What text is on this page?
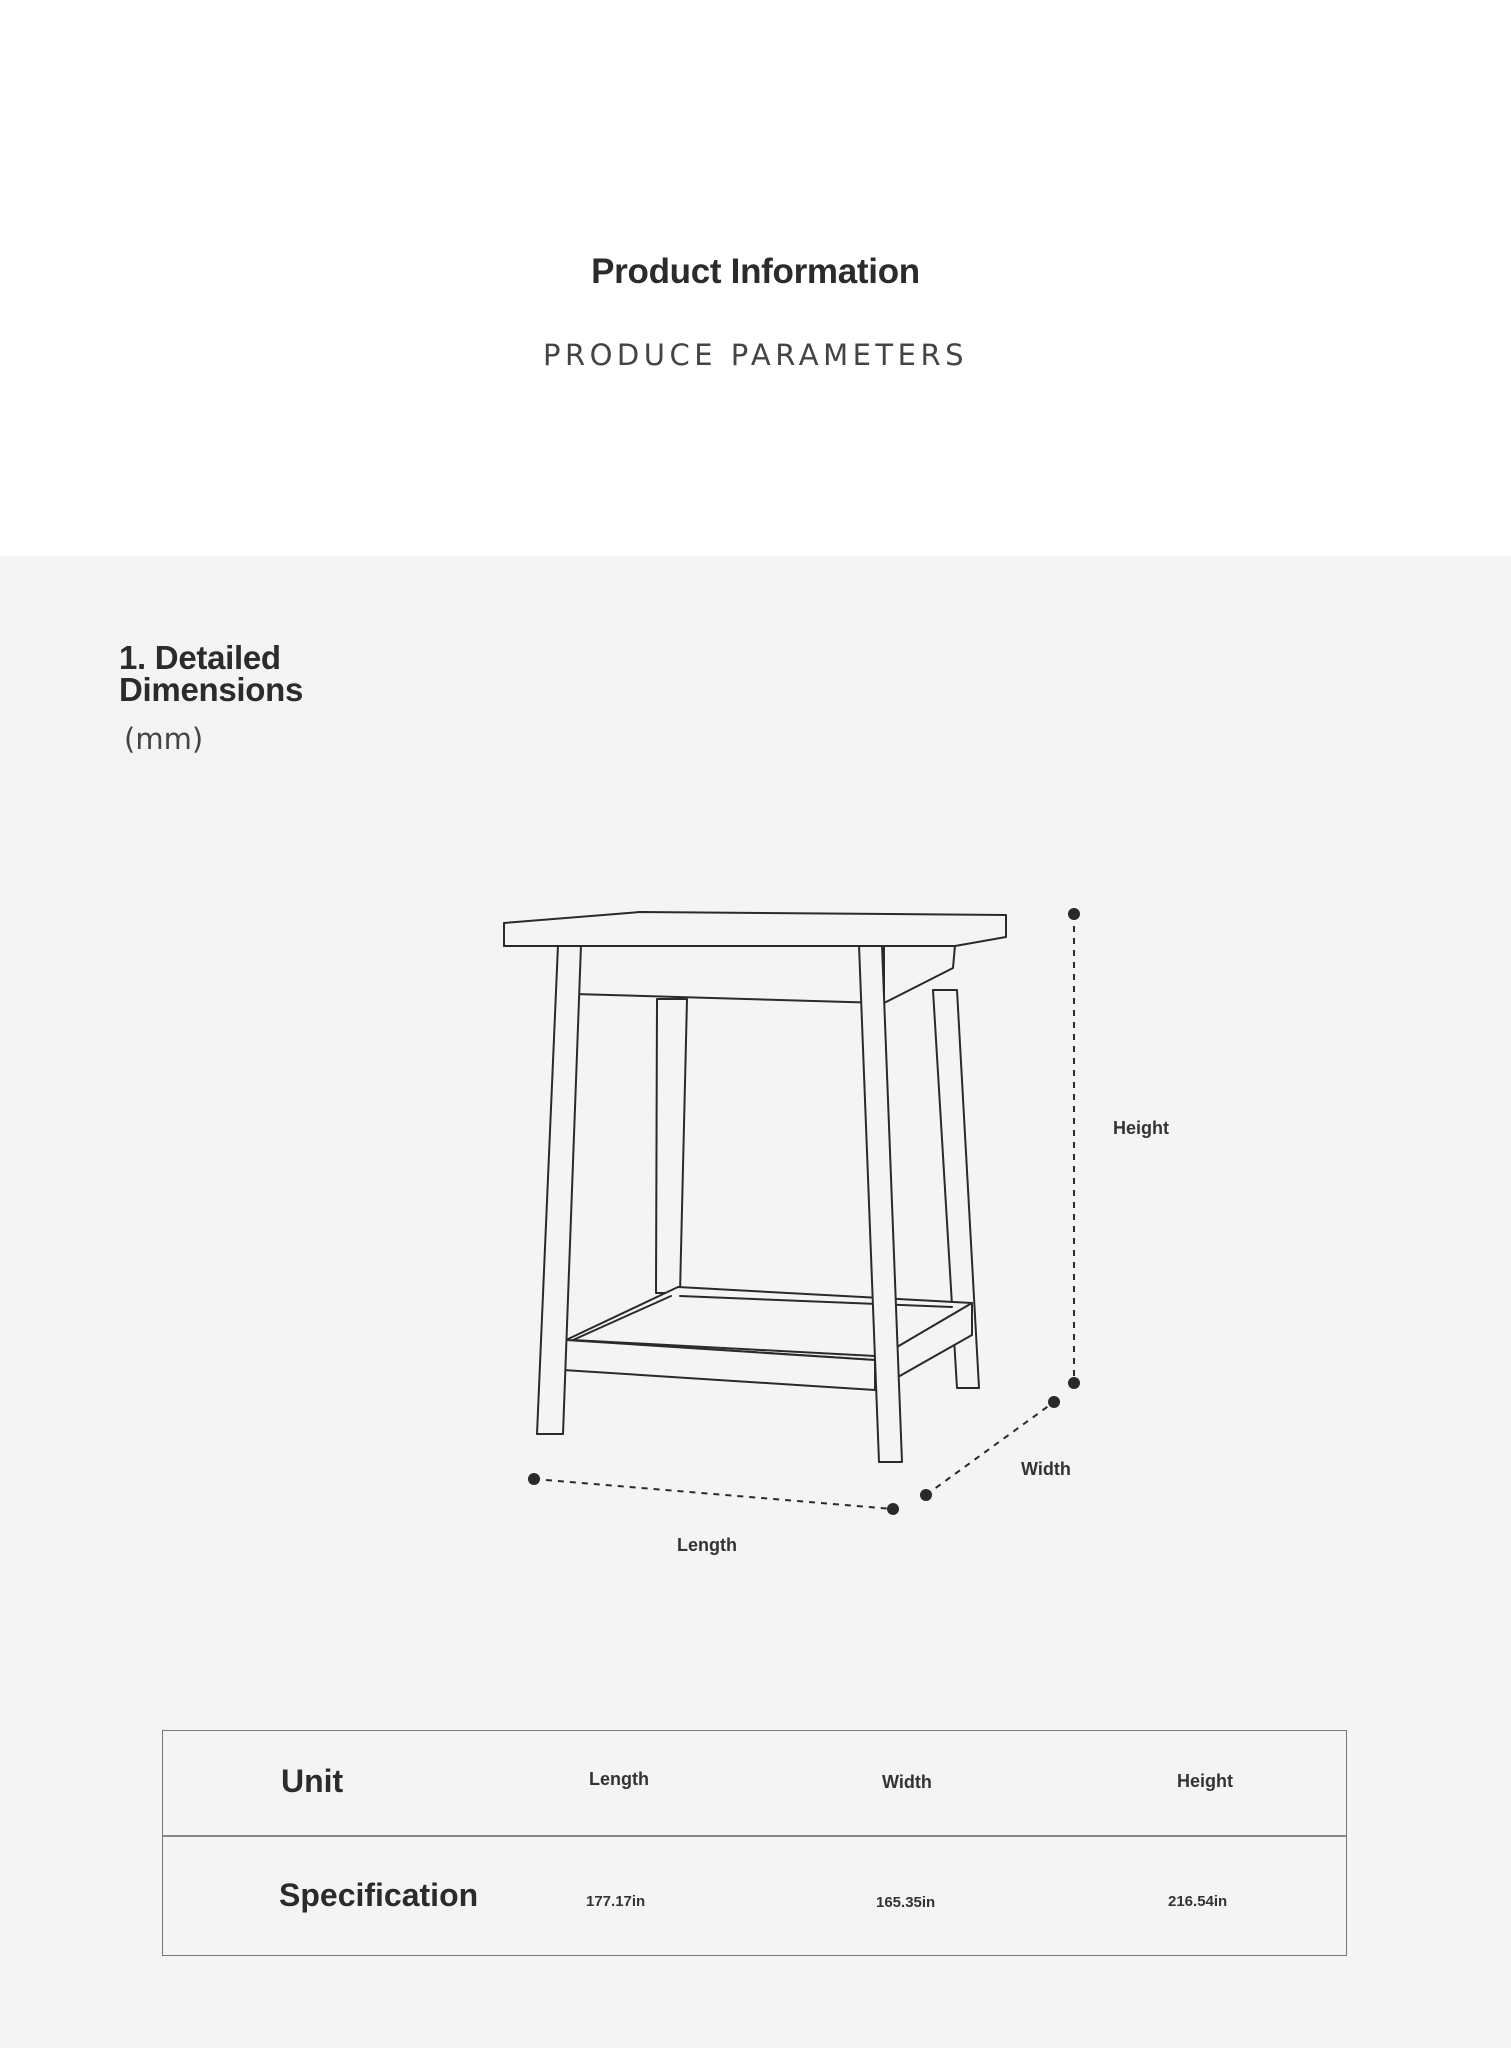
Product Information
PRODUCE PARAMETERS
1. Detailed Dimensions
(mm)
Height
Width
Length
Unit	Length	Width	Height
Specification	177.17in	165.35in	216.54in
